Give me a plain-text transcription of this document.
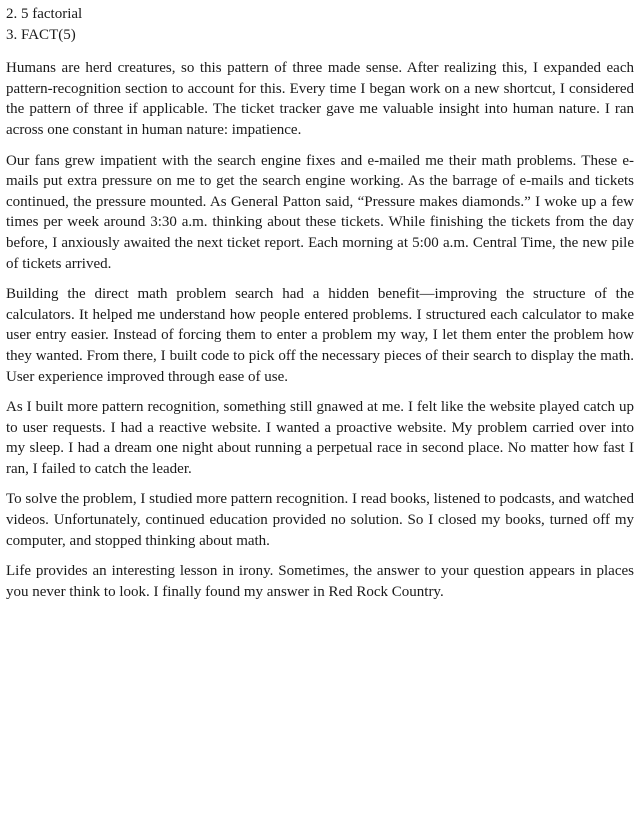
2. 5 factorial

3. FACT(5)

Humans are herd creatures, so this pattern of three made sense. After realizing this, I expanded each pattern-recognition section to account for this. Every time I began work on a new shortcut, I considered the pattern of three if applicable. The ticket tracker gave me valuable insight into human nature. I ran across one constant in human nature: impatience.

Our fans grew impatient with the search engine fixes and e-mailed me their math problems. These e-mails put extra pressure on me to get the search engine working. As the barrage of e-mails and tickets continued, the pressure mounted. As General Patton said, “Pressure makes diamonds.” I woke up a few times per week around 3:30 a.m. thinking about these tickets. While finishing the tickets from the day before, I anxiously awaited the next ticket report. Each morning at 5:00 a.m. Central Time, the new pile of tickets arrived.

Building the direct math problem search had a hidden benefit—improving the structure of the calculators. It helped me understand how people entered problems. I structured each calculator to make user entry easier. Instead of forcing them to enter a problem my way, I let them enter the problem how they wanted. From there, I built code to pick off the necessary pieces of their search to display the math. User experience improved through ease of use.

As I built more pattern recognition, something still gnawed at me. I felt like the website played catch up to user requests. I had a reactive website. I wanted a proactive website. My problem carried over into my sleep. I had a dream one night about running a perpetual race in second place. No matter how fast I ran, I failed to catch the leader.

To solve the problem, I studied more pattern recognition. I read books, listened to podcasts, and watched videos. Unfortunately, continued education provided no solution. So I closed my books, turned off my computer, and stopped thinking about math.

Life provides an interesting lesson in irony. Sometimes, the answer to your question appears in places you never think to look. I finally found my answer in Red Rock Country.
